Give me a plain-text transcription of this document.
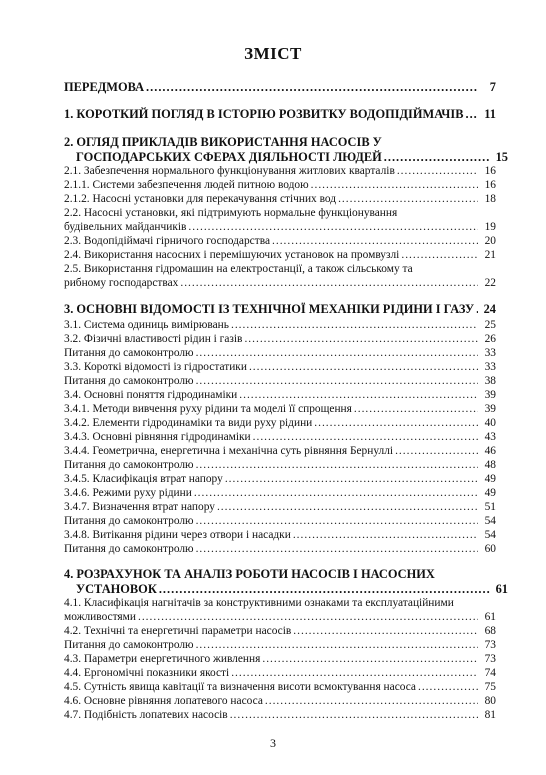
ЗМІСТ
ПЕРЕДМОВА .....	7
1. КОРОТКИЙ ПОГЛЯД В ІСТОРІЮ РОЗВИТКУ ВОДОПІДІЙМАЧІВ .....	11
2. ОГЛЯД ПРИКЛАДІВ ВИКОРИСТАННЯ НАСОСІВ У
ГОСПОДАРСЬКИХ СФЕРАХ ДІЯЛЬНОСТІ ЛЮДЕЙ .....	15
2.1. Забезпечення нормального функціонування житлових кварталів .....	16
2.1.1. Системи забезпечення людей питною водою .....	16
2.1.2. Насосні установки для перекачування стічних вод .....	18
2.2. Насосні установки, які підтримують нормальне функціонування
будівельних майданчиків .....	19
2.3. Водопідіймачі гірничого господарства .....	20
2.4. Використання насосних і перемішуючих установок на промвузлі .....	21
2.5. Використання гідромашин на електростанції, а також сільському та
рибному господарствах .....	22
3. ОСНОВНІ ВІДОМОСТІ ІЗ ТЕХНІЧНОЇ МЕХАНІКИ РІДИНИ І ГАЗУ ..... 24
3.1. Система одиниць вимірювань .....	25
3.2. Фізичні властивості рідин і газів .....	26
Питання до самоконтролю .....	33
3.3. Короткі відомості із гідростатики .....	33
Питання до самоконтролю .....	38
3.4. Основні поняття гідродинаміки .....	39
3.4.1. Методи вивчення руху рідини та моделі її спрощення .....	39
3.4.2. Елементи гідродинаміки та види руху рідини .....	40
3.4.3. Основні рівняння гідродинаміки .....	43
3.4.4. Геометрична, енергетична і механічна суть рівняння Бернуллі .....	46
Питання до самоконтролю .....	48
3.4.5. Класифікація втрат напору .....	49
3.4.6. Режими руху рідини .....	49
3.4.7. Визначення втрат напору .....	51
Питання до самоконтролю .....	54
3.4.8. Витікання рідини через отвори і насадки .....	54
Питання до самоконтролю .....	60
4. РОЗРАХУНОК ТА АНАЛІЗ РОБОТИ НАСОСІВ І НАСОСНИХ
УСТАНОВОК .....	61
4.1. Класифікація нагнітачів за конструктивними ознаками та експлуатаційними
можливостями .....	61
4.2. Технічні та енергетичні параметри насосів .....	68
Питання до самоконтролю .....	73
4.3. Параметри енергетичного живлення .....	73
4.4. Ергономічні показники якості .....	74
4.5. Сутність явища кавітації та визначення висоти всмоктування насоса .....	75
4.6. Основне рівняння лопатевого насоса .....	80
4.7. Подібність лопатевих насосів .....	81
3
